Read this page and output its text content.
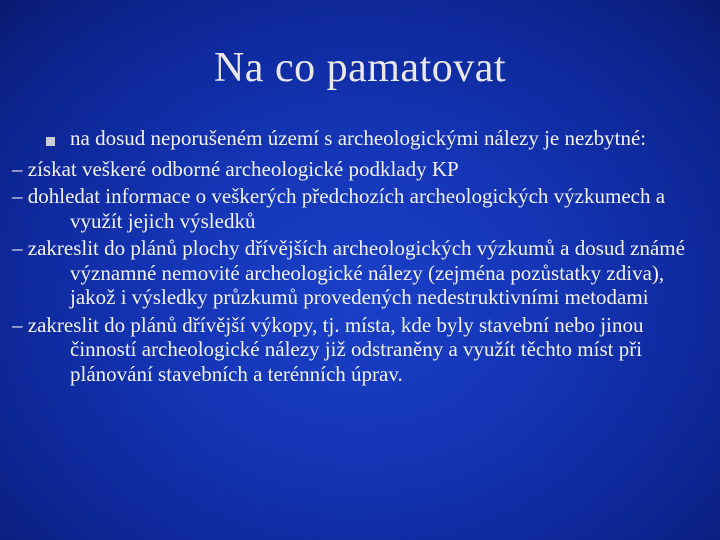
Na co pamatovat
na dosud neporušeném území s archeologickými nálezy je nezbytné:
– získat veškeré odborné archeologické podklady KP
– dohledat informace o veškerých předchozích archeologických výzkumech a využít jejich výsledků
– zakreslit do plánů plochy dřívějších archeologických výzkumů a dosud známé významné nemovité archeologické nálezy (zejména pozůstatky zdiva), jakož i výsledky průzkumů provedených nedestruktivními metodami
– zakreslit do plánů dřívější výkopy, tj. místa, kde byly stavební nebo jinou činností archeologické nálezy již odstraněny a využít těchto míst při plánování stavebních a terénních úprav.
